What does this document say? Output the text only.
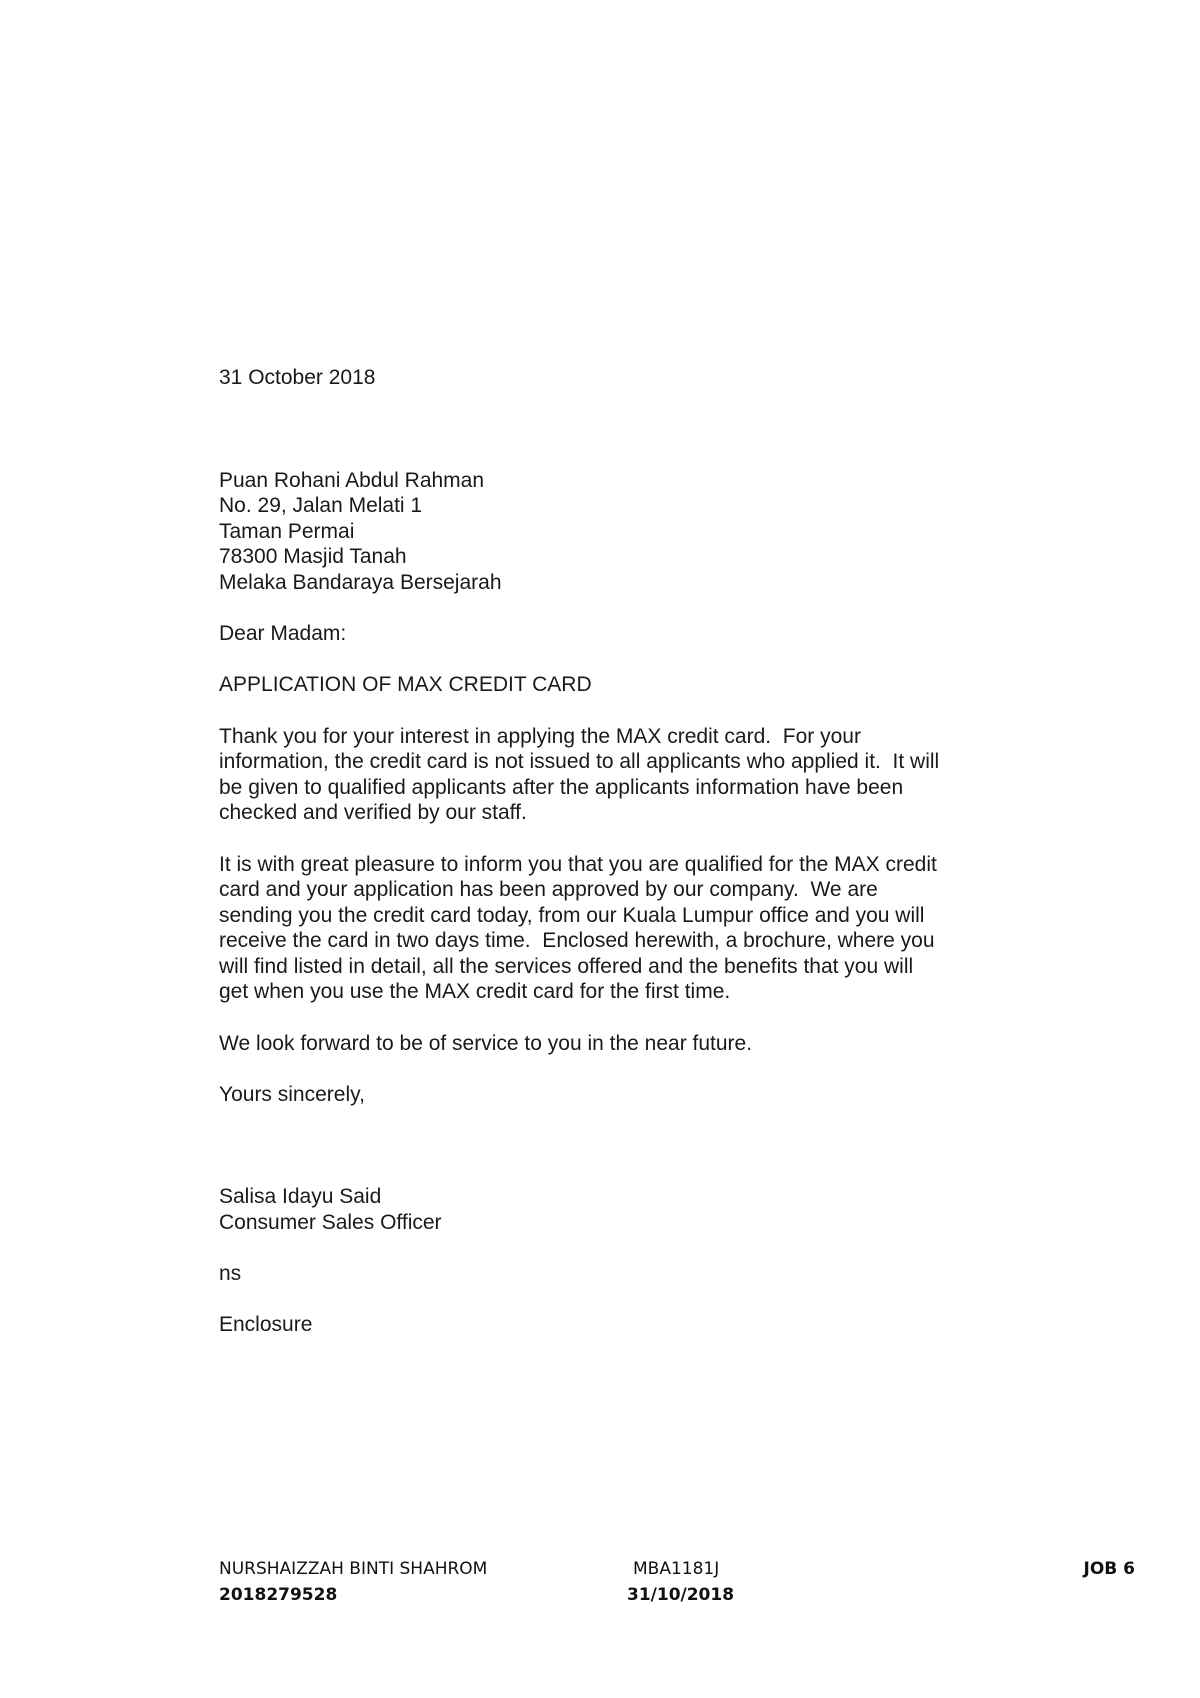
31 October 2018
Puan Rohani Abdul Rahman
No. 29, Jalan Melati 1
Taman Permai
78300 Masjid Tanah
Melaka Bandaraya Bersejarah
Dear Madam:
APPLICATION OF MAX CREDIT CARD

Thank you for your interest in applying the MAX credit card.  For your
information, the credit card is not issued to all applicants who applied it.  It will
be given to qualified applicants after the applicants information have been
checked and verified by our staff.

It is with great pleasure to inform you that you are qualified for the MAX credit
card and your application has been approved by our company.  We are
sending you the credit card today, from our Kuala Lumpur office and you will
receive the card in two days time.  Enclosed herewith, a brochure, where you
will find listed in detail, all the services offered and the benefits that you will
get when you use the MAX credit card for the first time.

We look forward to be of service to you in the near future.

Yours sincerely,
Salisa Idayu Said
Consumer Sales Officer
ns
Enclosure
NURSHAIZZAH BINTI SHAHROM	MBA1181J	JOB 6
2018279528	31/10/2018
